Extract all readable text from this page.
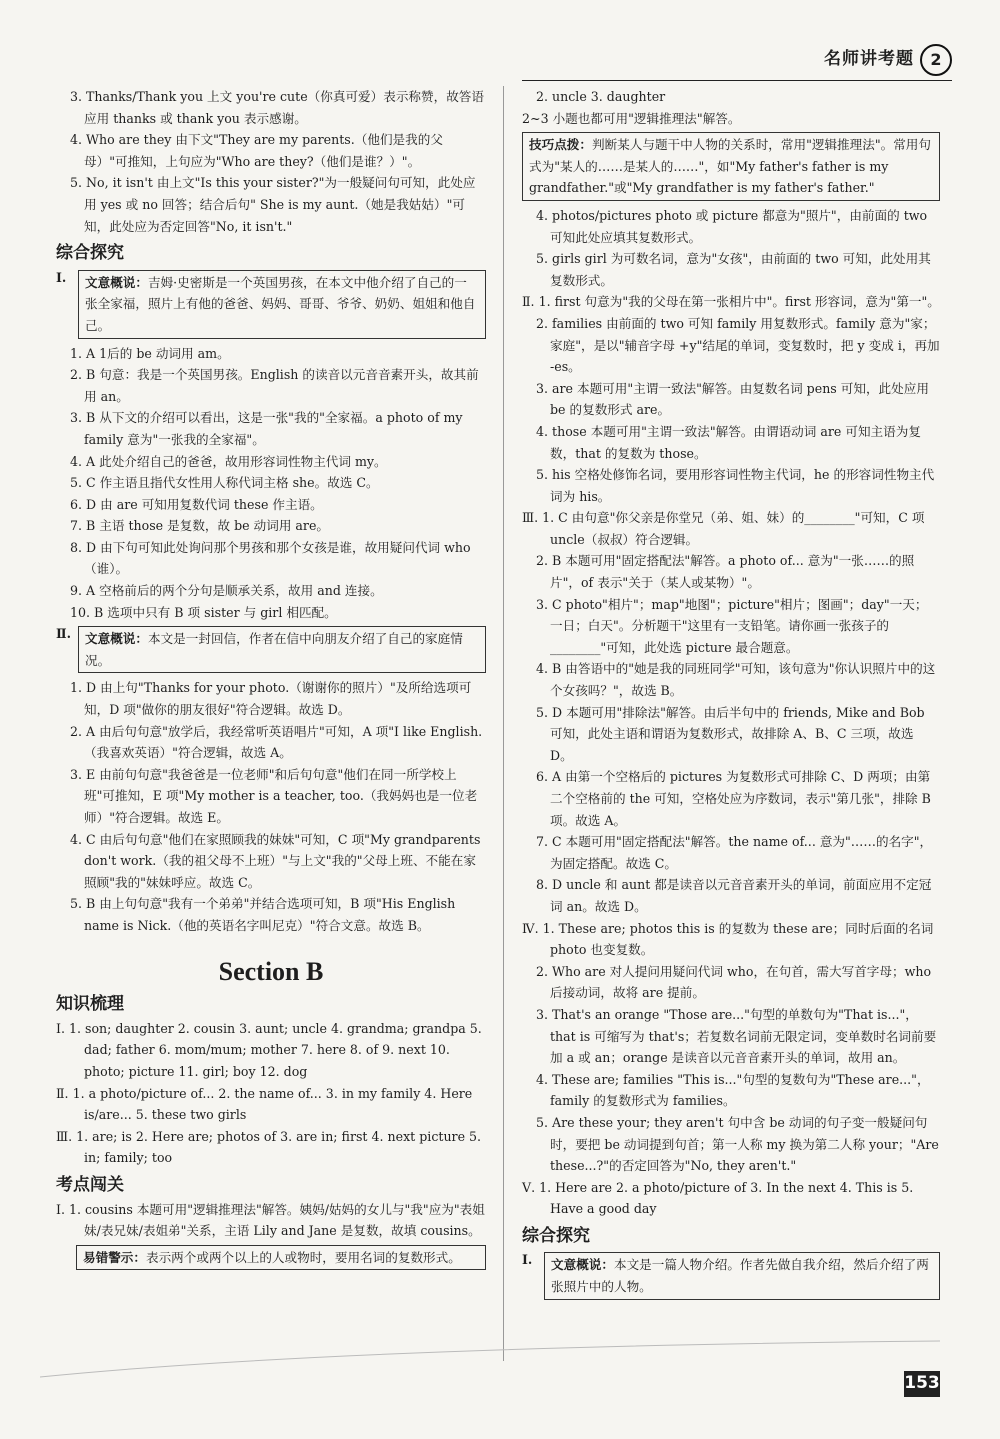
名师讲考题	2

3. Thanks/Thank you 上文 you're cute（你真可爱）表示称赞，故答语应用 thanks 或 thank you 表示感谢。

4. Who are they 由下文"They are my parents.（他们是我的父母）"可推知，上句应为"Who are they?（他们是谁？）"。

5. No, it isn't 由上文"Is this your sister?"为一般疑问句可知，此处应用 yes 或 no 回答；结合后句" She is my aunt.（她是我姑姑）"可知，此处应为否定回答"No, it isn't."

综合探究
Ⅰ.	文意概说：吉姆·史密斯是一个英国男孩，在本文中他介绍了自己的一张全家福，照片上有他的爸爸、妈妈、哥哥、爷爷、奶奶、姐姐和他自己。

1. A 1后的 be 动词用 am。

2. B 句意：我是一个英国男孩。English 的读音以元音音素开头，故其前用 an。

3. B 从下文的介绍可以看出，这是一张"我的"全家福。a photo of my family 意为"一张我的全家福"。

4. A 此处介绍自己的爸爸，故用形容词性物主代词 my。

5. C 作主语且指代女性用人称代词主格 she。故选 C。

6. D 由 are 可知用复数代词 these 作主语。

7. B 主语 those 是复数，故 be 动词用 are。

8. D 由下句可知此处询问那个男孩和那个女孩是谁，故用疑问代词 who（谁）。

9. A 空格前后的两个分句是顺承关系，故用 and 连接。

10. B 选项中只有 B 项 sister 与 girl 相匹配。

Ⅱ.	文意概说：本文是一封回信，作者在信中向朋友介绍了自己的家庭情况。

1. D 由上句"Thanks for your photo.（谢谢你的照片）"及所给选项可知，D 项"做你的朋友很好"符合逻辑。故选 D。

2. A 由后句句意"放学后，我经常听英语唱片"可知，A 项"I like English.（我喜欢英语）"符合逻辑，故选 A。

3. E 由前句句意"我爸爸是一位老师"和后句句意"他们在同一所学校上班"可推知，E 项"My mother is a teacher, too.（我妈妈也是一位老师）"符合逻辑。故选 E。

4. C 由后句句意"他们在家照顾我的妹妹"可知，C 项"My grandparents don't work.（我的祖父母不上班）"与上文"我的"父母上班、不能在家照顾"我的"妹妹呼应。故选 C。

5. B 由上句句意"我有一个弟弟"并结合选项可知，B 项"His English name is Nick.（他的英语名字叫尼克）"符合文意。故选 B。

Section B
知识梳理

Ⅰ. 1. son; daughter 2. cousin 3. aunt; uncle 4. grandma; grandpa 5. dad; father 6. mom/mum; mother 7. here 8. of 9. next 10. photo; picture 11. girl; boy 12. dog

Ⅱ. 1. a photo/picture of... 2. the name of... 3. in my family 4. Here is/are... 5. these two girls

Ⅲ. 1. are; is 2. Here are; photos of 3. are in; first 4. next picture 5. in; family; too

考点闯关

Ⅰ. 1. cousins 本题可用"逻辑推理法"解答。姨妈/姑妈的女儿与"我"应为"表姐妹/表兄妹/表姐弟"关系，主语 Lily and Jane 是复数，故填 cousins。

易错警示：表示两个或两个以上的人或物时，要用名词的复数形式。

2. uncle 3. daughter

2~3 小题也都可用"逻辑推理法"解答。

技巧点拨：判断某人与题干中人物的关系时，常用"逻辑推理法"。常用句式为"某人的……是某人的……"，如"My father's father is my grandfather."或"My grandfather is my father's father."

4. photos/pictures photo 或 picture 都意为"照片"，由前面的 two 可知此处应填其复数形式。

5. girls girl 为可数名词，意为"女孩"，由前面的 two 可知，此处用其复数形式。

Ⅱ. 1. first 句意为"我的父母在第一张相片中"。first 形容词，意为"第一"。

2. families 由前面的 two 可知 family 用复数形式。family 意为"家；家庭"，是以"辅音字母 +y"结尾的单词，变复数时，把 y 变成 i，再加 -es。

3. are 本题可用"主谓一致法"解答。由复数名词 pens 可知，此处应用 be 的复数形式 are。

4. those 本题可用"主谓一致法"解答。由谓语动词 are 可知主语为复数，that 的复数为 those。

5. his 空格处修饰名词，要用形容词性物主代词，he 的形容词性物主代词为 his。

Ⅲ. 1. C 由句意"你父亲是你堂兄（弟、姐、妹）的________"可知，C 项 uncle（叔叔）符合逻辑。

2. B 本题可用"固定搭配法"解答。a photo of... 意为"一张……的照片"，of 表示"关于（某人或某物）"。

3. C photo"相片"；map"地图"；picture"相片；图画"；day"一天；一日；白天"。分析题干"这里有一支铅笔。请你画一张孩子的________"可知，此处选 picture 最合题意。

4. B 由答语中的"她是我的同班同学"可知，该句意为"你认识照片中的这个女孩吗？"，故选 B。

5. D 本题可用"排除法"解答。由后半句中的 friends, Mike and Bob 可知，此处主语和谓语为复数形式，故排除 A、B、C 三项，故选 D。

6. A 由第一个空格后的 pictures 为复数形式可排除 C、D 两项；由第二个空格前的 the 可知，空格处应为序数词，表示"第几张"，排除 B 项。故选 A。

7. C 本题可用"固定搭配法"解答。the name of... 意为"……的名字"，为固定搭配。故选 C。

8. D uncle 和 aunt 都是读音以元音音素开头的单词，前面应用不定冠词 an。故选 D。

Ⅳ. 1. These are; photos this is 的复数为 these are；同时后面的名词 photo 也变复数。

2. Who are 对人提问用疑问代词 who，在句首，需大写首字母；who 后接动词，故将 are 提前。

3. That's an orange "Those are..."句型的单数句为"That is..."，that is 可缩写为 that's；若复数名词前无限定词，变单数时名词前要加 a 或 an；orange 是读音以元音音素开头的单词，故用 an。

4. These are; families "This is..."句型的复数句为"These are..."，family 的复数形式为 families。

5. Are these your; they aren't 句中含 be 动词的句子变一般疑问句时，要把 be 动词提到句首；第一人称 my 换为第二人称 your；"Are these...?"的否定回答为"No, they aren't."

Ⅴ. 1. Here are 2. a photo/picture of 3. In the next 4. This is 5. Have a good day

综合探究
Ⅰ.	文意概说：本文是一篇人物介绍。作者先做自我介绍，然后介绍了两张照片中的人物。
153
